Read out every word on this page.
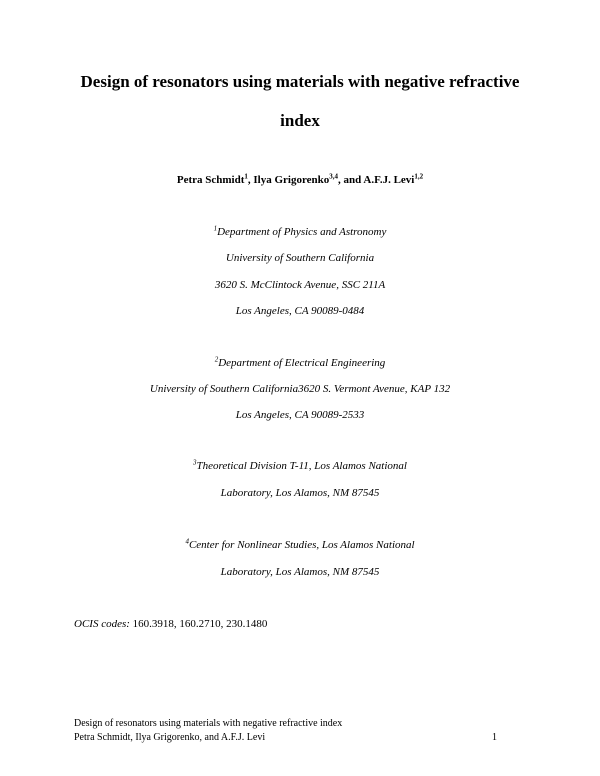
Design of resonators using materials with negative refractive
index
Petra Schmidt$^1$, Ilya Grigorenko$^{3,4}$, and A.F.J. Levi$^{1,2}$
$^1$Department of Physics and Astronomy
University of Southern California
3620 S. McClintock Avenue, SSC 211A
Los Angeles, CA 90089-0484
$^2$Department of Electrical Engineering
University of Southern California3620 S. Vermont Avenue, KAP 132
Los Angeles, CA 90089-2533
$^3$Theoretical Division T-11, Los Alamos National
Laboratory, Los Alamos, NM 87545
$^4$Center for Nonlinear Studies, Los Alamos National
Laboratory, Los Alamos, NM 87545
OCIS codes: 160.3918, 160.2710, 230.1480
Design of resonators using materials with negative refractive index
Petra Schmidt, Ilya Grigorenko, and A.F.J. Levi	1
